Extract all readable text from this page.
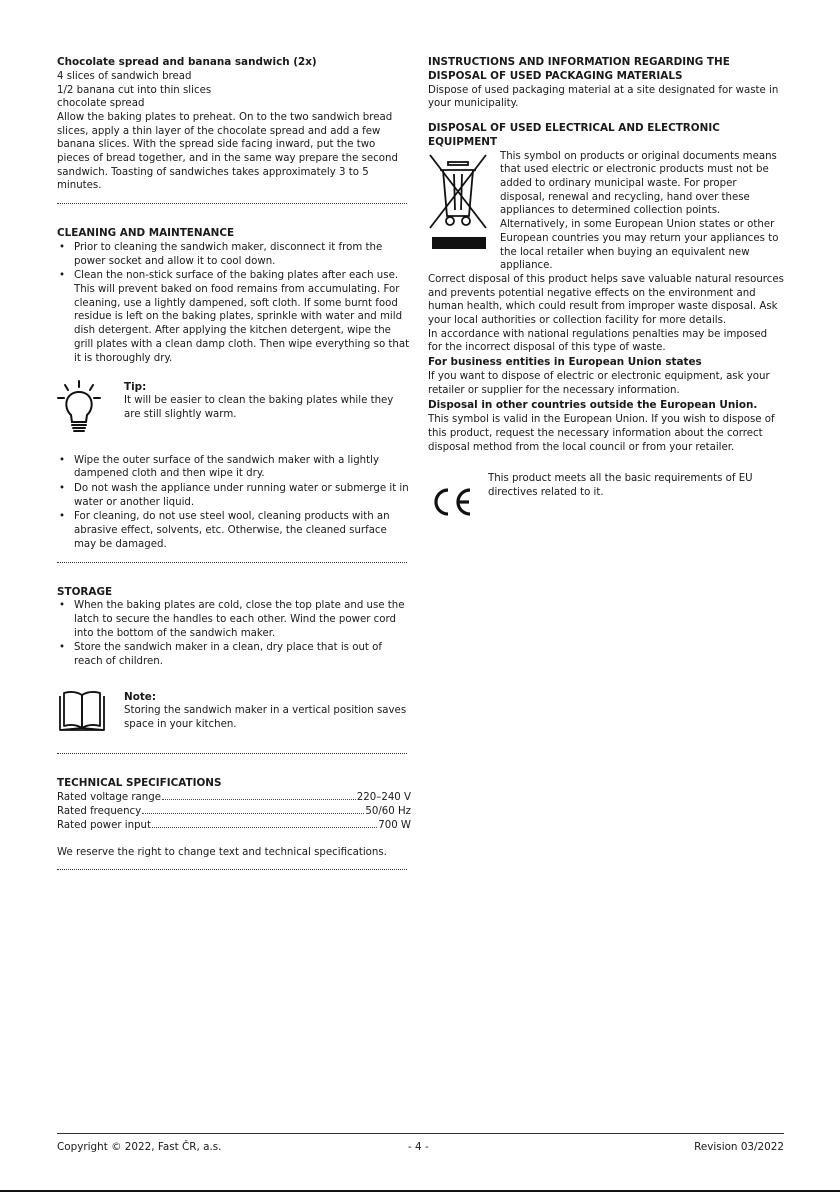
Chocolate spread and banana sandwich (2x)

4 slices of sandwich bread

1/2 banana cut into thin slices

chocolate spread

Allow the baking plates to preheat. On to the two sandwich bread slices, apply a thin layer of the chocolate spread and add a few banana slices. With the spread side facing inward, put the two pieces of bread together, and in the same way prepare the second sandwich. Toasting of sandwiches takes approximately 3 to 5 minutes.

CLEANING AND MAINTENANCE
• Prior to cleaning the sandwich maker, disconnect it from the power socket and allow it to cool down.
• Clean the non-stick surface of the baking plates after each use. This will prevent baked on food remains from accumulating. For cleaning, use a lightly dampened, soft cloth. If some burnt food residue is left on the baking plates, sprinkle with water and mild dish detergent. After applying the kitchen detergent, wipe the grill plates with a clean damp cloth. Then wipe everything so that it is thoroughly dry.
Tip:

It will be easier to clean the baking plates while they are still slightly warm.

• Wipe the outer surface of the sandwich maker with a lightly dampened cloth and then wipe it dry.
• Do not wash the appliance under running water or submerge it in water or another liquid.
• For cleaning, do not use steel wool, cleaning products with an abrasive effect, solvents, etc. Otherwise, the cleaned surface may be damaged.
STORAGE
• When the baking plates are cold, close the top plate and use the latch to secure the handles to each other. Wind the power cord into the bottom of the sandwich maker.
• Store the sandwich maker in a clean, dry place that is out of reach of children.
Note:

Storing the sandwich maker in a vertical position saves space in your kitchen.

TECHNICAL SPECIFICATIONS
Rated voltage range	220–240 V
Rated frequency	50/60 Hz
Rated power input	700 W

We reserve the right to change text and technical specifications.

INSTRUCTIONS AND INFORMATION REGARDING THE DISPOSAL OF USED PACKAGING MATERIALS

Dispose of used packaging material at a site designated for waste in your municipality.

DISPOSAL OF USED ELECTRICAL AND ELECTRONIC EQUIPMENT

This symbol on products or original documents means that used electric or electronic products must not be added to ordinary municipal waste. For proper disposal, renewal and recycling, hand over these appliances to determined collection points. Alternatively, in some European Union states or other European countries you may return your appliances to the local retailer when buying an equivalent new appliance.

Correct disposal of this product helps save valuable natural resources and prevents potential negative effects on the environment and human health, which could result from improper waste disposal. Ask your local authorities or collection facility for more details.

In accordance with national regulations penalties may be imposed for the incorrect disposal of this type of waste.

For business entities in European Union states

If you want to dispose of electric or electronic equipment, ask your retailer or supplier for the necessary information.

Disposal in other countries outside the European Union.

This symbol is valid in the European Union. If you wish to dispose of this product, request the necessary information about the correct disposal method from the local council or from your retailer.

This product meets all the basic requirements of EU directives related to it.

Copyright © 2022, Fast ČR, a.s.	- 4 -	Revision 03/2022
